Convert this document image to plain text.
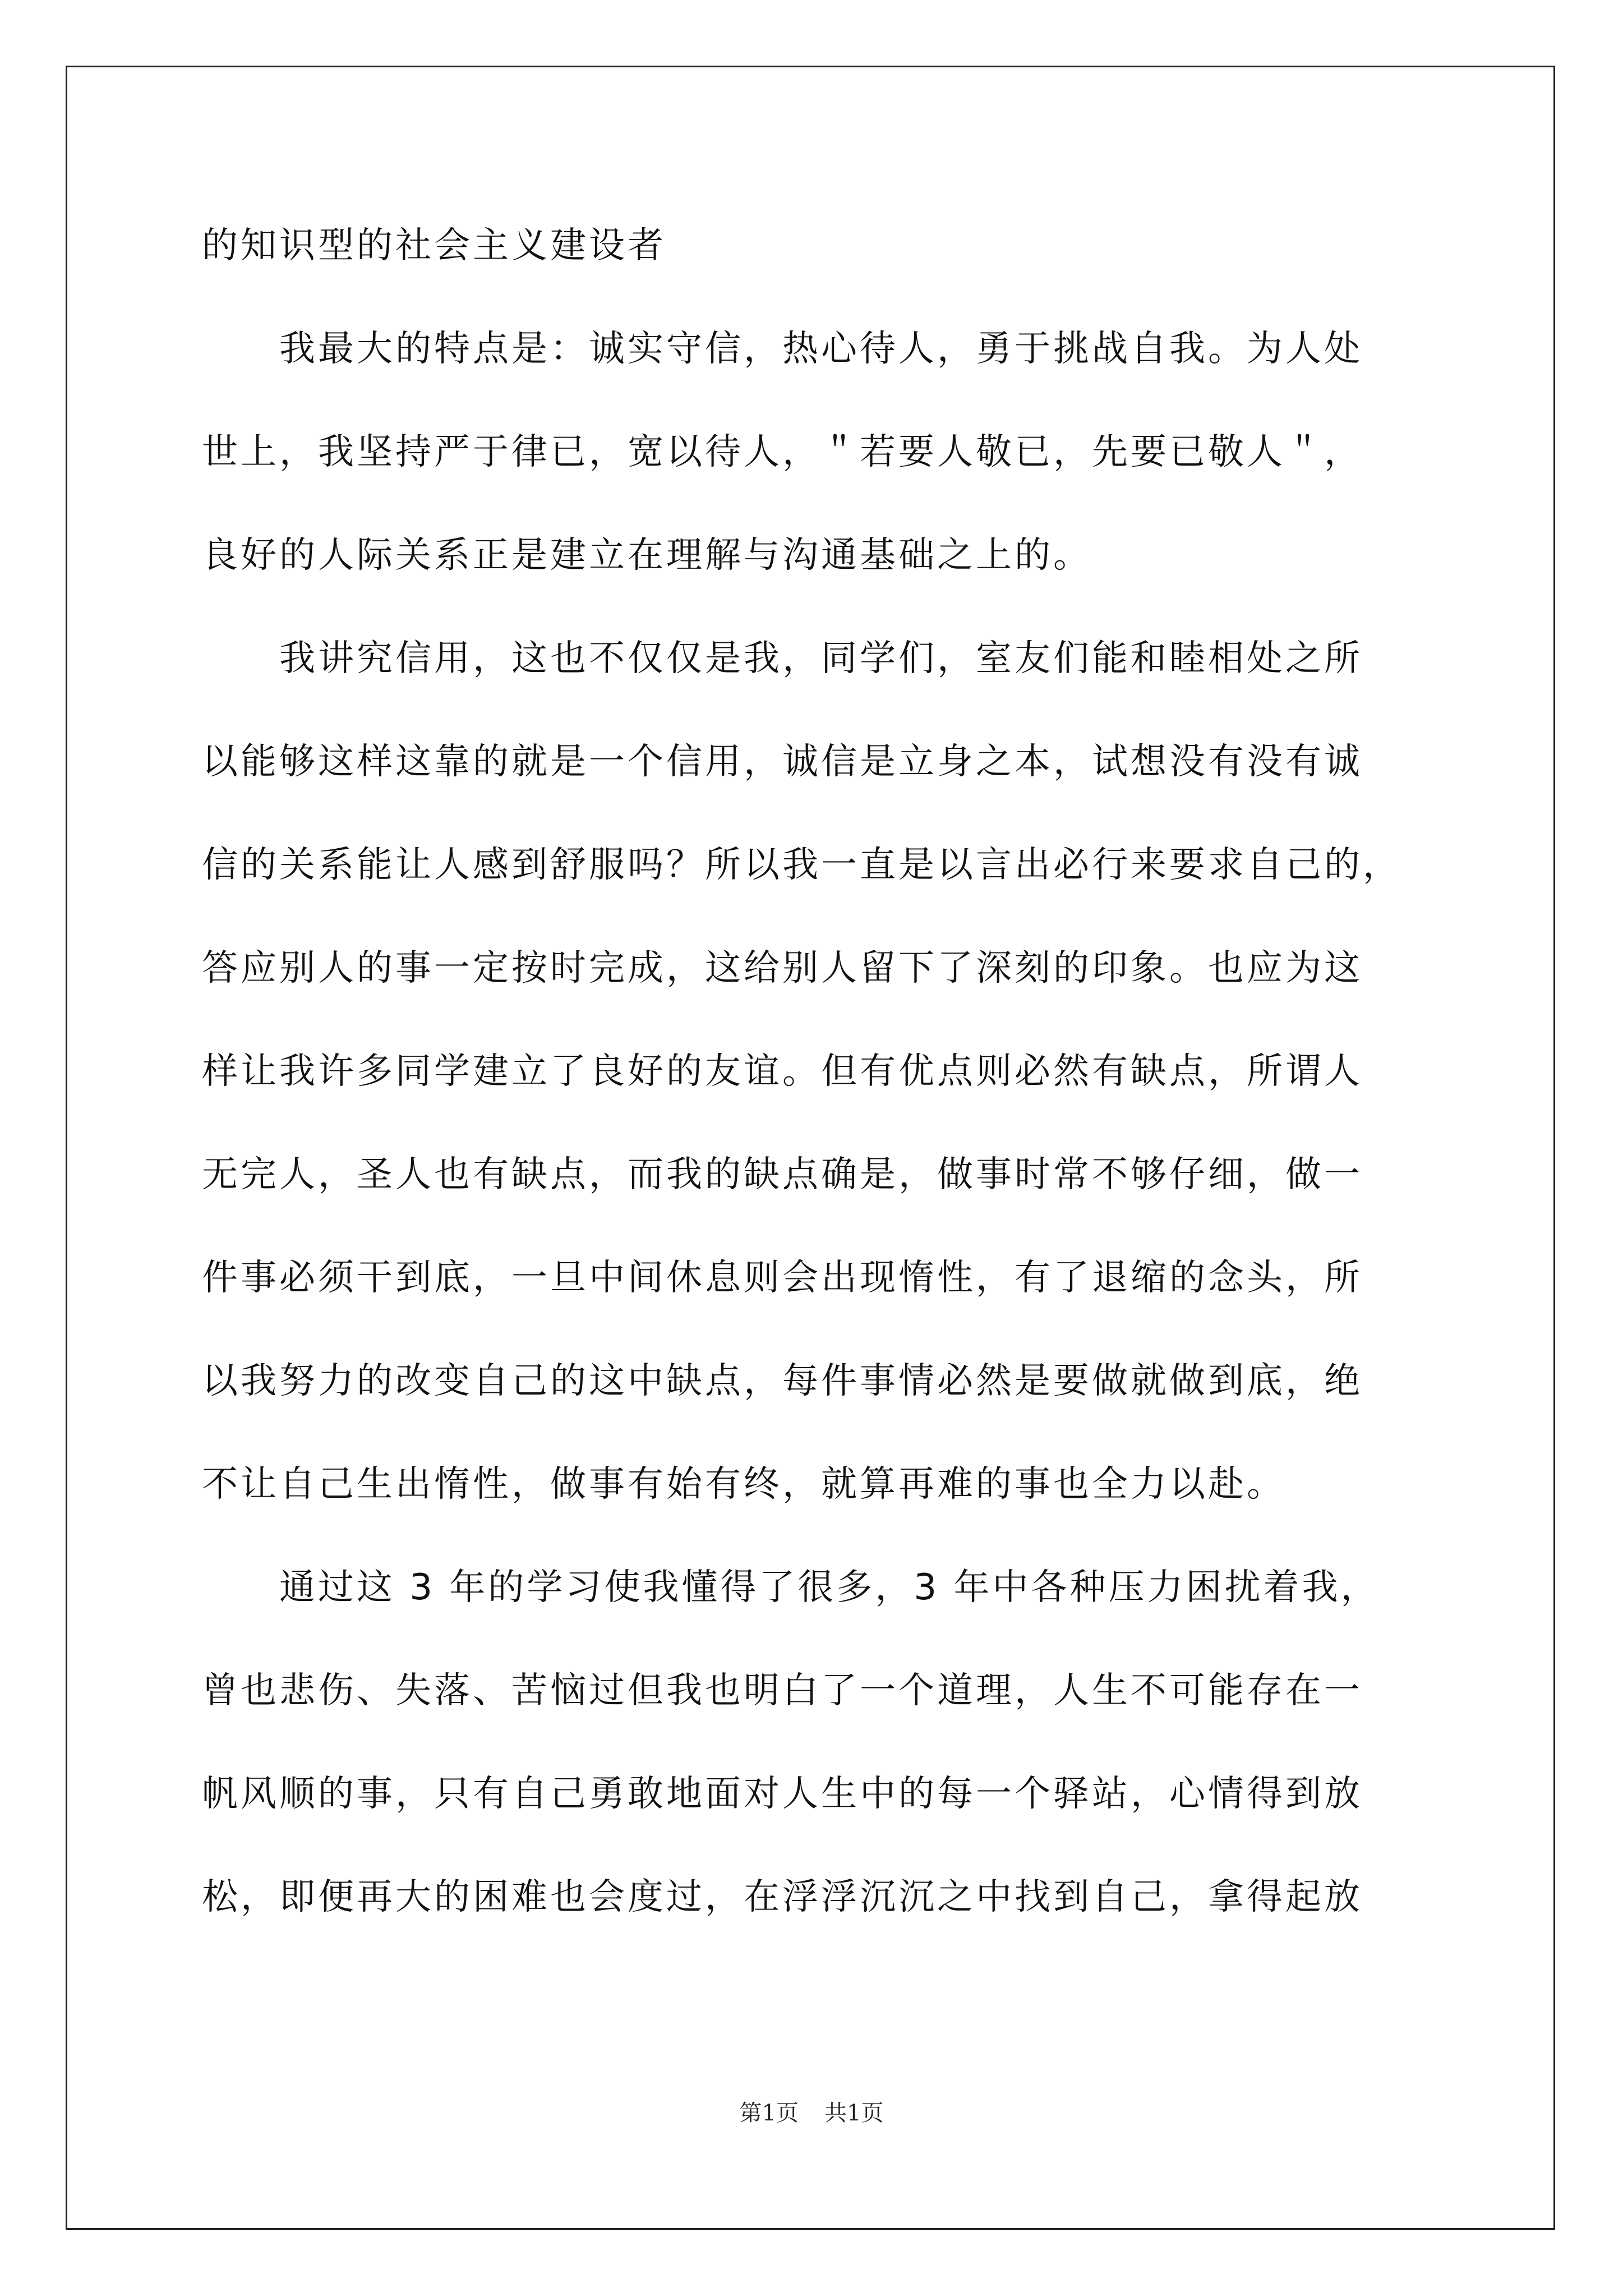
的知识型的社会主义建设者

我最大的特点是：诚实守信，热心待人，勇于挑战自我。为人处

世上，我坚持严于律已，宽以待人，＂若要人敬已，先要已敬人＂，

良好的人际关系正是建立在理解与沟通基础之上的。

我讲究信用，这也不仅仅是我，同学们，室友们能和睦相处之所

以能够这样这靠的就是一个信用，诚信是立身之本，试想没有没有诚

信的关系能让人感到舒服吗？所以我一直是以言出必行来要求自己的，

答应别人的事一定按时完成，这给别人留下了深刻的印象。也应为这

样让我许多同学建立了良好的友谊。但有优点则必然有缺点，所谓人

无完人，圣人也有缺点，而我的缺点确是，做事时常不够仔细，做一

件事必须干到底，一旦中间休息则会出现惰性，有了退缩的念头，所

以我努力的改变自己的这中缺点，每件事情必然是要做就做到底，绝

不让自己生出惰性，做事有始有终，就算再难的事也全力以赴。

通过这 3 年的学习使我懂得了很多，3 年中各种压力困扰着我，

曾也悲伤、失落、苦恼过但我也明白了一个道理，人生不可能存在一

帆风顺的事，只有自己勇敢地面对人生中的每一个驿站，心情得到放

松，即便再大的困难也会度过，在浮浮沉沉之中找到自己，拿得起放

第1页 共1页
